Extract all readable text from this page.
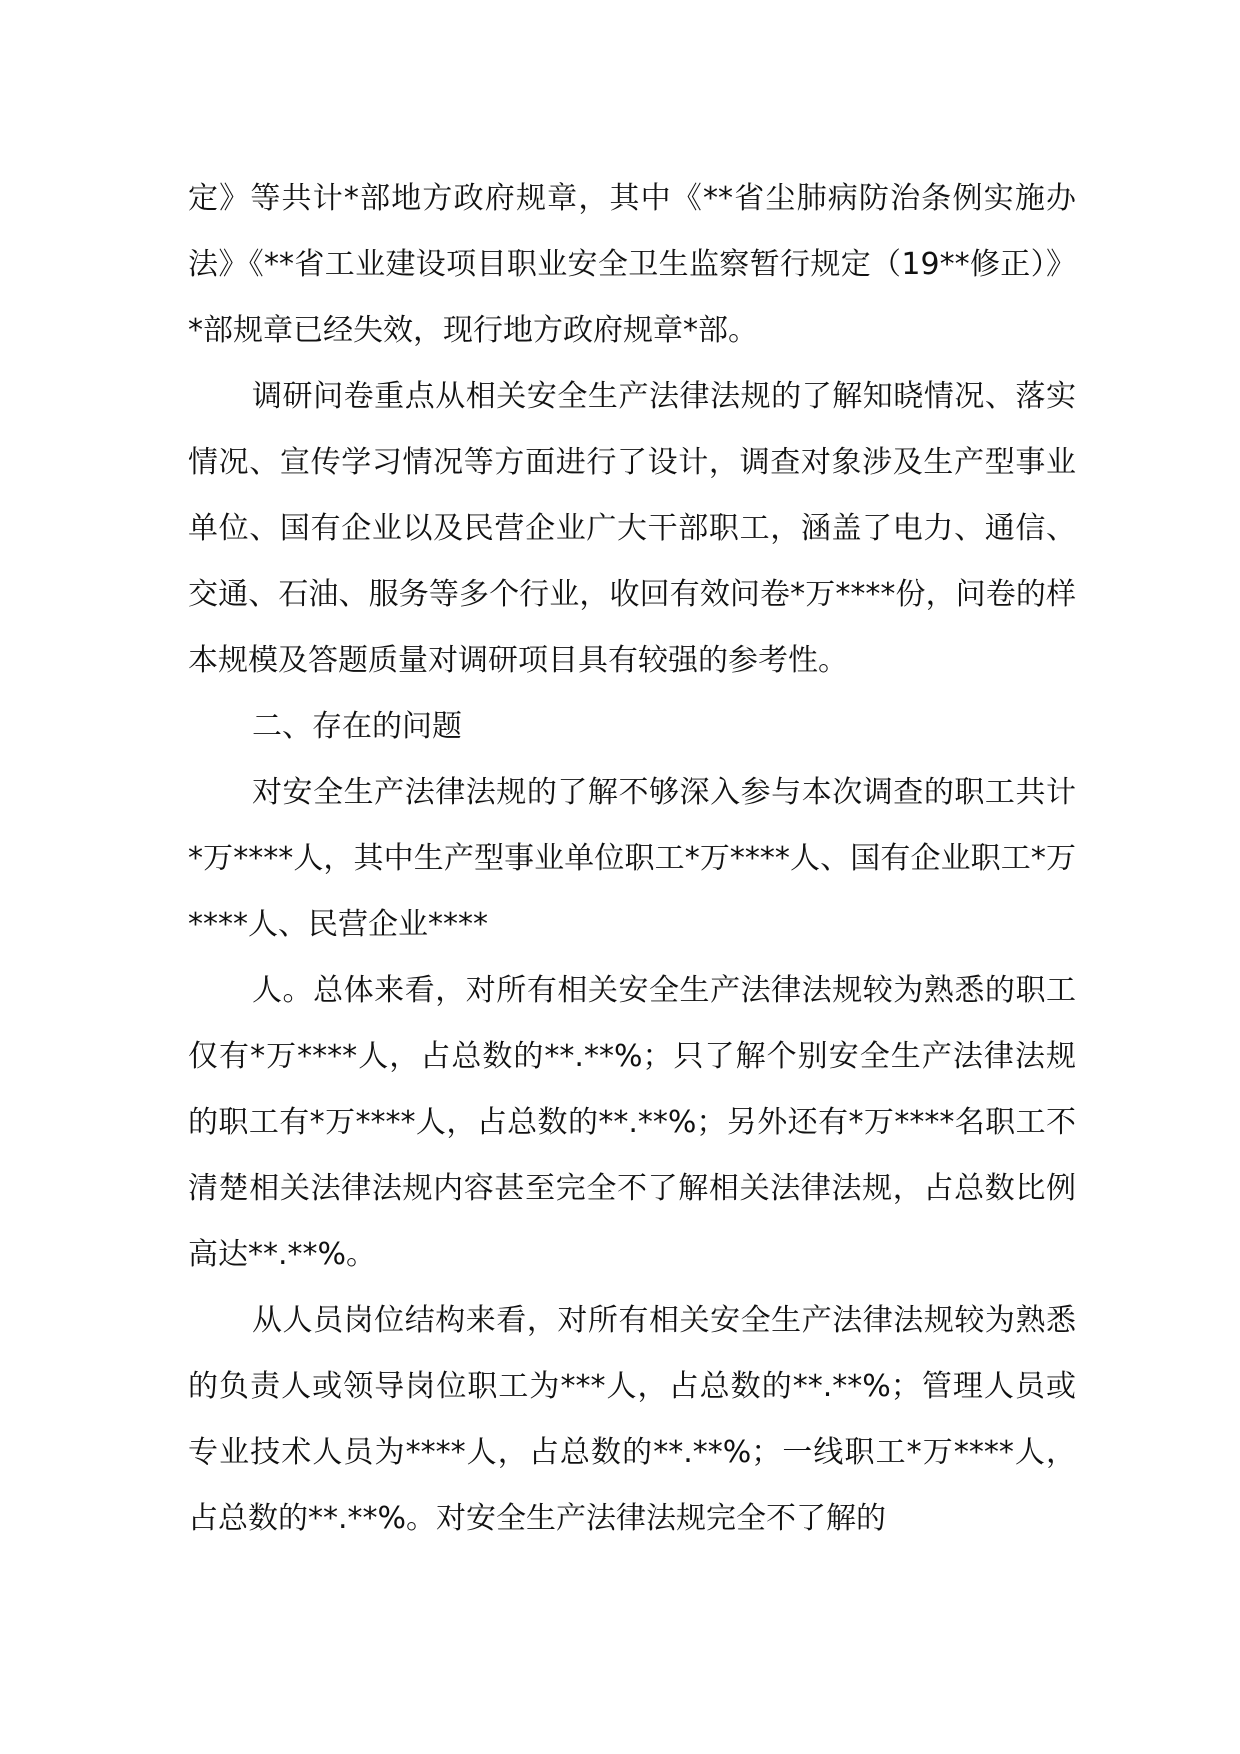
定》等共计*部地方政府规章，其中《**省尘肺病防治条例实施办法》《**省工业建设项目职业安全卫生监察暂行规定（19**修正）》*部规章已经失效，现行地方政府规章*部。

调研问卷重点从相关安全生产法律法规的了解知晓情况、落实情况、宣传学习情况等方面进行了设计，调查对象涉及生产型事业单位、国有企业以及民营企业广大干部职工，涵盖了电力、通信、交通、石油、服务等多个行业，收回有效问卷*万****份，问卷的样本规模及答题质量对调研项目具有较强的参考性。

二、存在的问题

对安全生产法律法规的了解不够深入参与本次调查的职工共计*万****人，其中生产型事业单位职工*万****人、国有企业职工*万****人、民营企业****

人。总体来看，对所有相关安全生产法律法规较为熟悉的职工仅有*万****人，占总数的**.**%；只了解个别安全生产法律法规的职工有*万****人，占总数的**.**%；另外还有*万****名职工不清楚相关法律法规内容甚至完全不了解相关法律法规，占总数比例高达**.**%。

从人员岗位结构来看，对所有相关安全生产法律法规较为熟悉的负责人或领导岗位职工为***人，占总数的**.**%；管理人员或专业技术人员为****人，占总数的**.**%；一线职工*万****人，占总数的**.**%。对安全生产法律法规完全不了解的
